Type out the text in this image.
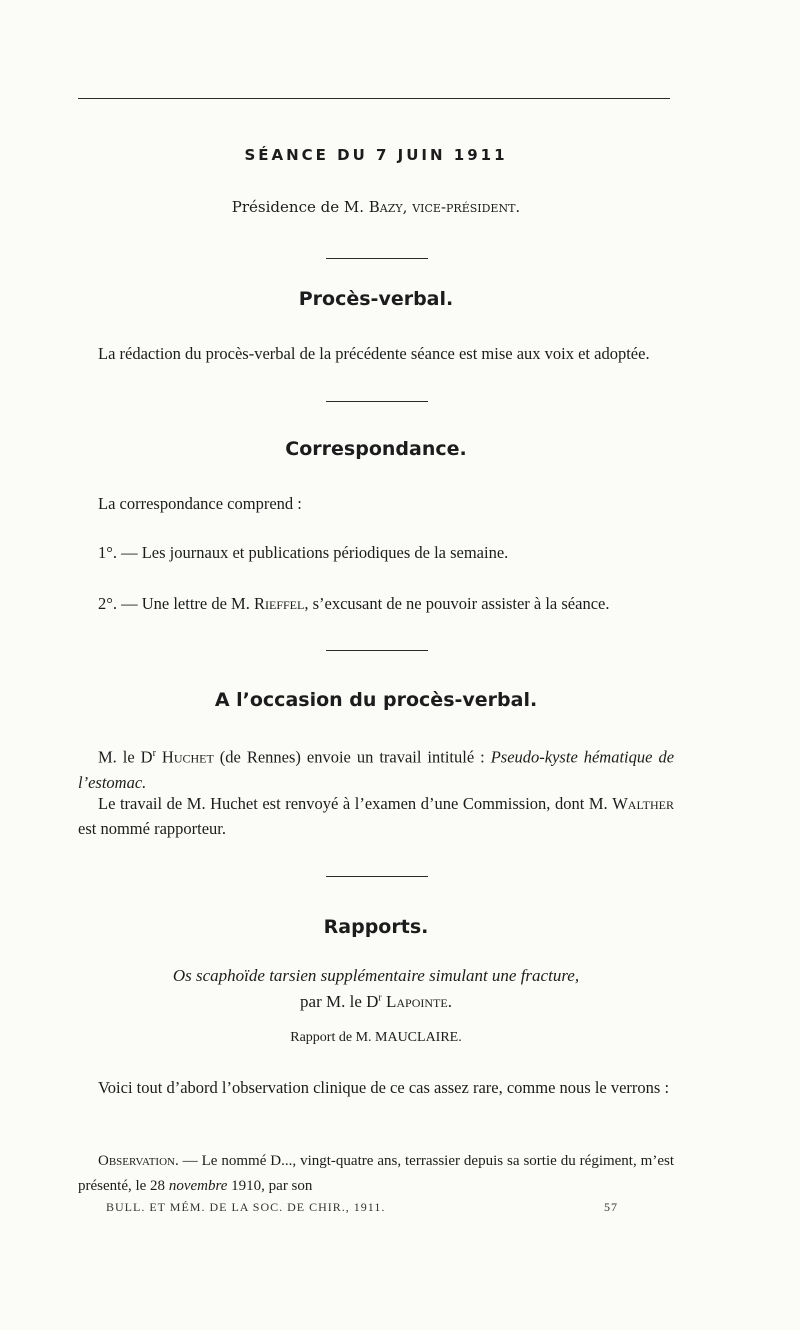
SÉANCE DU 7 JUIN 1911
Présidence de M. Bazy, vice-président.
Procès-verbal.
La rédaction du procès-verbal de la précédente séance est mise aux voix et adoptée.
Correspondance.
La correspondance comprend :
1°. — Les journaux et publications périodiques de la semaine.
2°. — Une lettre de M. Rieffel, s’excusant de ne pouvoir assister à la séance.
A l’occasion du procès-verbal.
M. le $D^r$ Huchet (de Rennes) envoie un travail intitulé : Pseudo-kyste hématique de l’estomac.
Le travail de M. Huchet est renvoyé à l’examen d’une Commission, dont M. Walther est nommé rapporteur.
Rapports.
Os scaphoïde tarsien supplémentaire simulant une fracture,
par M. le $D^r$ Lapointe.
Rapport de M. MAUCLAIRE.
Voici tout d’abord l’observation clinique de ce cas assez rare, comme nous le verrons :
Observation. — Le nommé D..., vingt-quatre ans, terrassier depuis sa sortie du régiment, m’est présenté, le 28 novembre 1910, par son
BULL. ET MÉM. DE LA SOC. DE CHIR., 1911.	57
